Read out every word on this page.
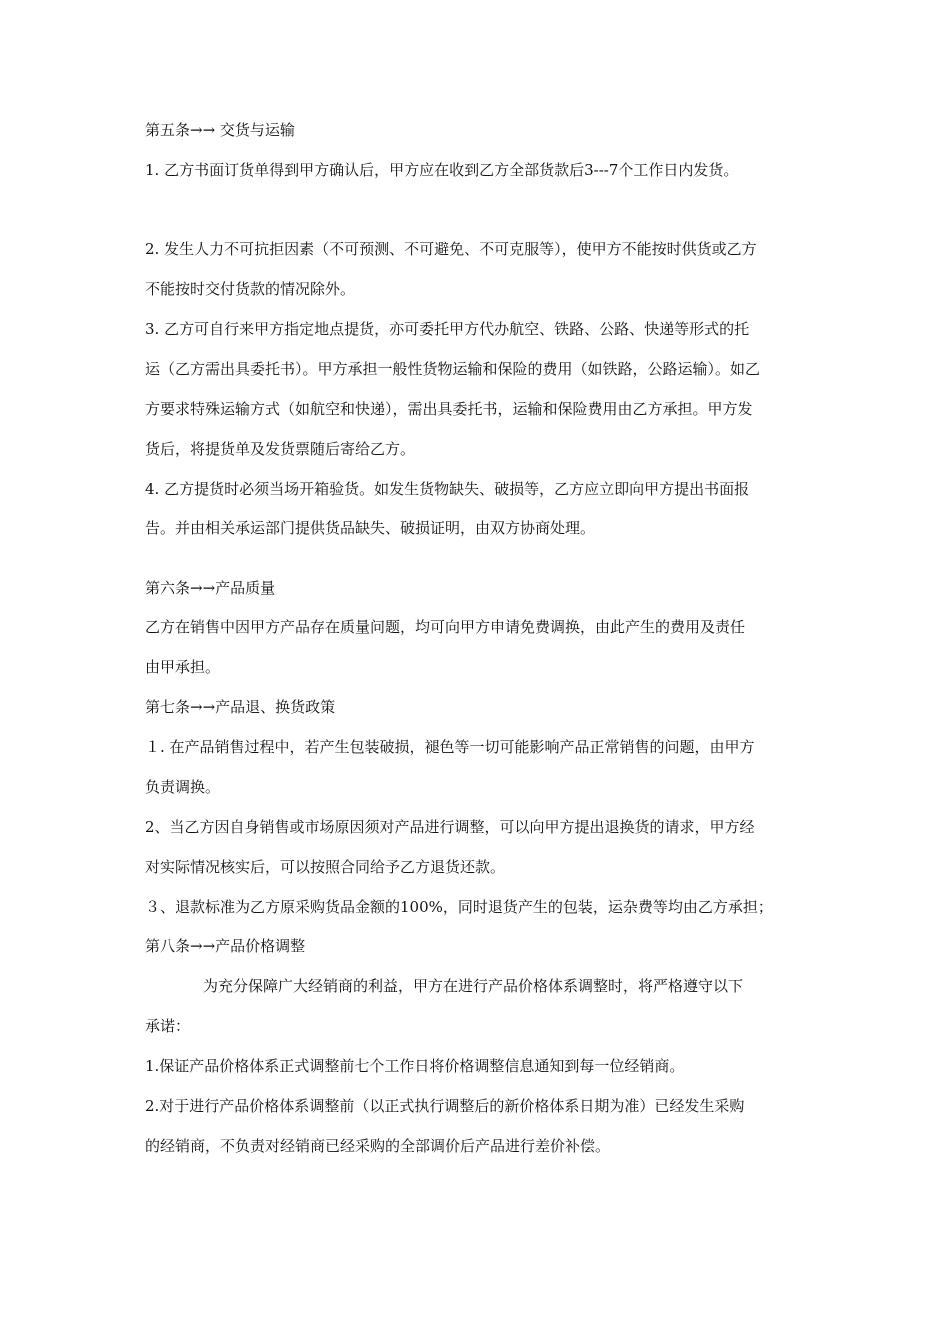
第五条→→ 交货与运输
1. 乙方书面订货单得到甲方确认后，甲方应在收到乙方全部货款后3---7个工作日内发货。
2. 发生人力不可抗拒因素（不可预测、不可避免、不可克服等），使甲方不能按时供货或乙方
不能按时交付货款的情况除外。
3. 乙方可自行来甲方指定地点提货，亦可委托甲方代办航空、铁路、公路、快递等形式的托
运（乙方需出具委托书）。甲方承担一般性货物运输和保险的费用（如铁路，公路运输）。如乙
方要求特殊运输方式（如航空和快递），需出具委托书，运输和保险费用由乙方承担。甲方发
货后，将提货单及发货票随后寄给乙方。
4. 乙方提货时必须当场开箱验货。如发生货物缺失、破损等，乙方应立即向甲方提出书面报
告。并由相关承运部门提供货品缺失、破损证明，由双方协商处理。
第六条→→产品质量
乙方在销售中因甲方产品存在质量问题，均可向甲方申请免费调换，由此产生的费用及责任
由甲承担。
第七条→→产品退、换货政策
１. 在产品销售过程中，若产生包装破损，褪色等一切可能影响产品正常销售的问题，由甲方
负责调换。
2、当乙方因自身销售或市场原因须对产品进行调整，可以向甲方提出退换货的请求，甲方经
对实际情况核实后，可以按照合同给予乙方退货还款。
３、退款标准为乙方原采购货品金额的100%，同时退货产生的包装，运杂费等均由乙方承担；
第八条→→产品价格调整
为充分保障广大经销商的利益，甲方在进行产品价格体系调整时，将严格遵守以下
承诺：
1.保证产品价格体系正式调整前七个工作日将价格调整信息通知到每一位经销商。
2.对于进行产品价格体系调整前（以正式执行调整后的新价格体系日期为准）已经发生采购
的经销商，不负责对经销商已经采购的全部调价后产品进行差价补偿。
